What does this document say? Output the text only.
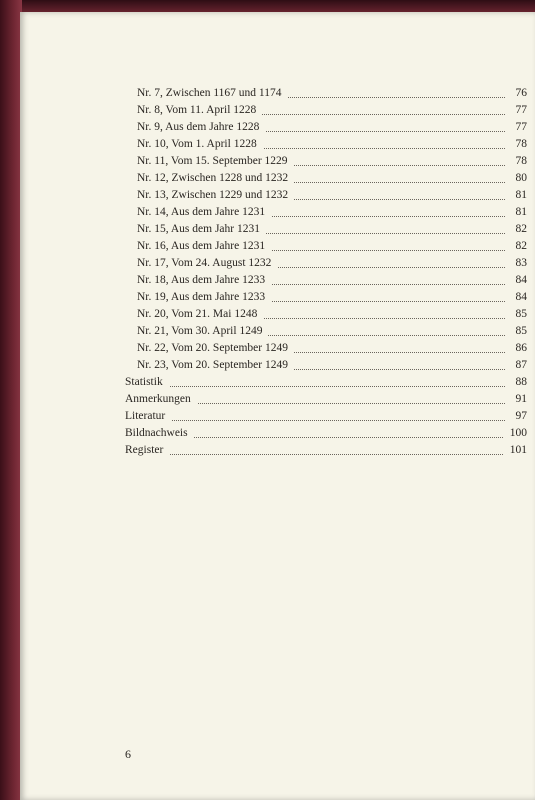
Nr. 7, Zwischen 1167 und 1174	76
Nr. 8, Vom 11. April 1228	77
Nr. 9, Aus dem Jahre 1228	77
Nr. 10, Vom 1. April 1228	78
Nr. 11, Vom 15. September 1229	78
Nr. 12, Zwischen 1228 und 1232	80
Nr. 13, Zwischen 1229 und 1232	81
Nr. 14, Aus dem Jahre 1231	81
Nr. 15, Aus dem Jahr 1231	82
Nr. 16, Aus dem Jahre 1231	82
Nr. 17, Vom 24. August 1232	83
Nr. 18, Aus dem Jahre 1233	84
Nr. 19, Aus dem Jahre 1233	84
Nr. 20, Vom 21. Mai 1248	85
Nr. 21, Vom 30. April 1249	85
Nr. 22, Vom 20. September 1249	86
Nr. 23, Vom 20. September 1249	87
Statistik	88
Anmerkungen	91
Literatur	97
Bildnachweis	100
Register	101
6
